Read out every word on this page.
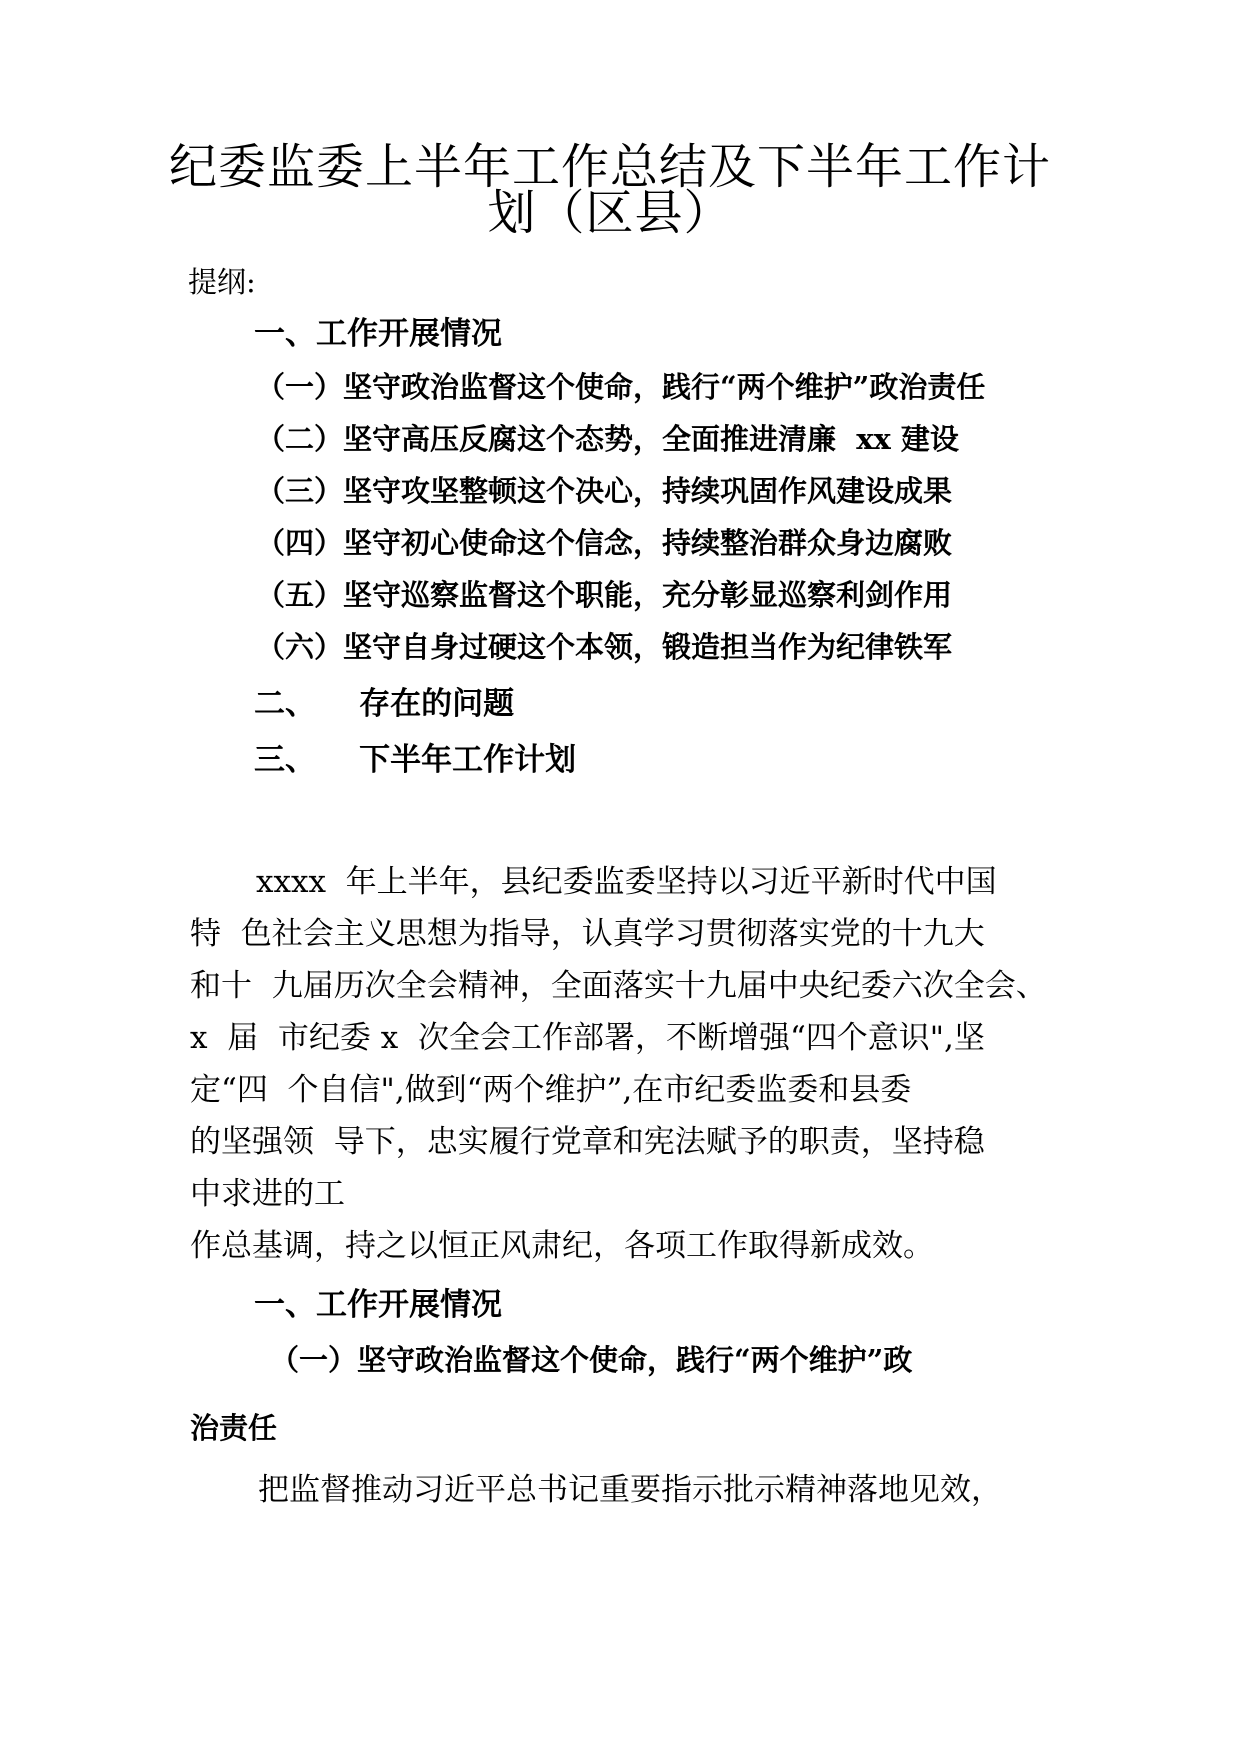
纪委监委上半年工作总结及下半年工作计
划（区县）
提纲:
一、工作开展情况
（一）坚守政治监督这个使命，践行“两个维护”政治责任
（二）坚守高压反腐这个态势，全面推进清廉  xx 建设
（三）坚守攻坚整顿这个决心，持续巩固作风建设成果
（四）坚守初心使命这个信念，持续整治群众身边腐败
（五）坚守巡察监督这个职能，充分彰显巡察利剑作用
（六）坚守自身过硬这个本领，锻造担当作为纪律铁军
二、    存在的问题
三、    下半年工作计划
xxxx  年上半年，县纪委监委坚持以习近平新时代中国
特  色社会主义思想为指导，认真学习贯彻落实党的十九大
和十  九届历次全会精神，全面落实十九届中央纪委六次全会、
x  届  市纪委 x  次全会工作部署，不断增强“四个意识",坚
定“四  个自信",做到“两个维护”,在市纪委监委和县委
的坚强领  导下，忠实履行党章和宪法赋予的职责，坚持稳
中求进的工
作总基调，持之以恒正风肃纪，各项工作取得新成效。
一、工作开展情况
（一）坚守政治监督这个使命，践行“两个维护”政
治责任
把监督推动习近平总书记重要指示批示精神落地见效，
